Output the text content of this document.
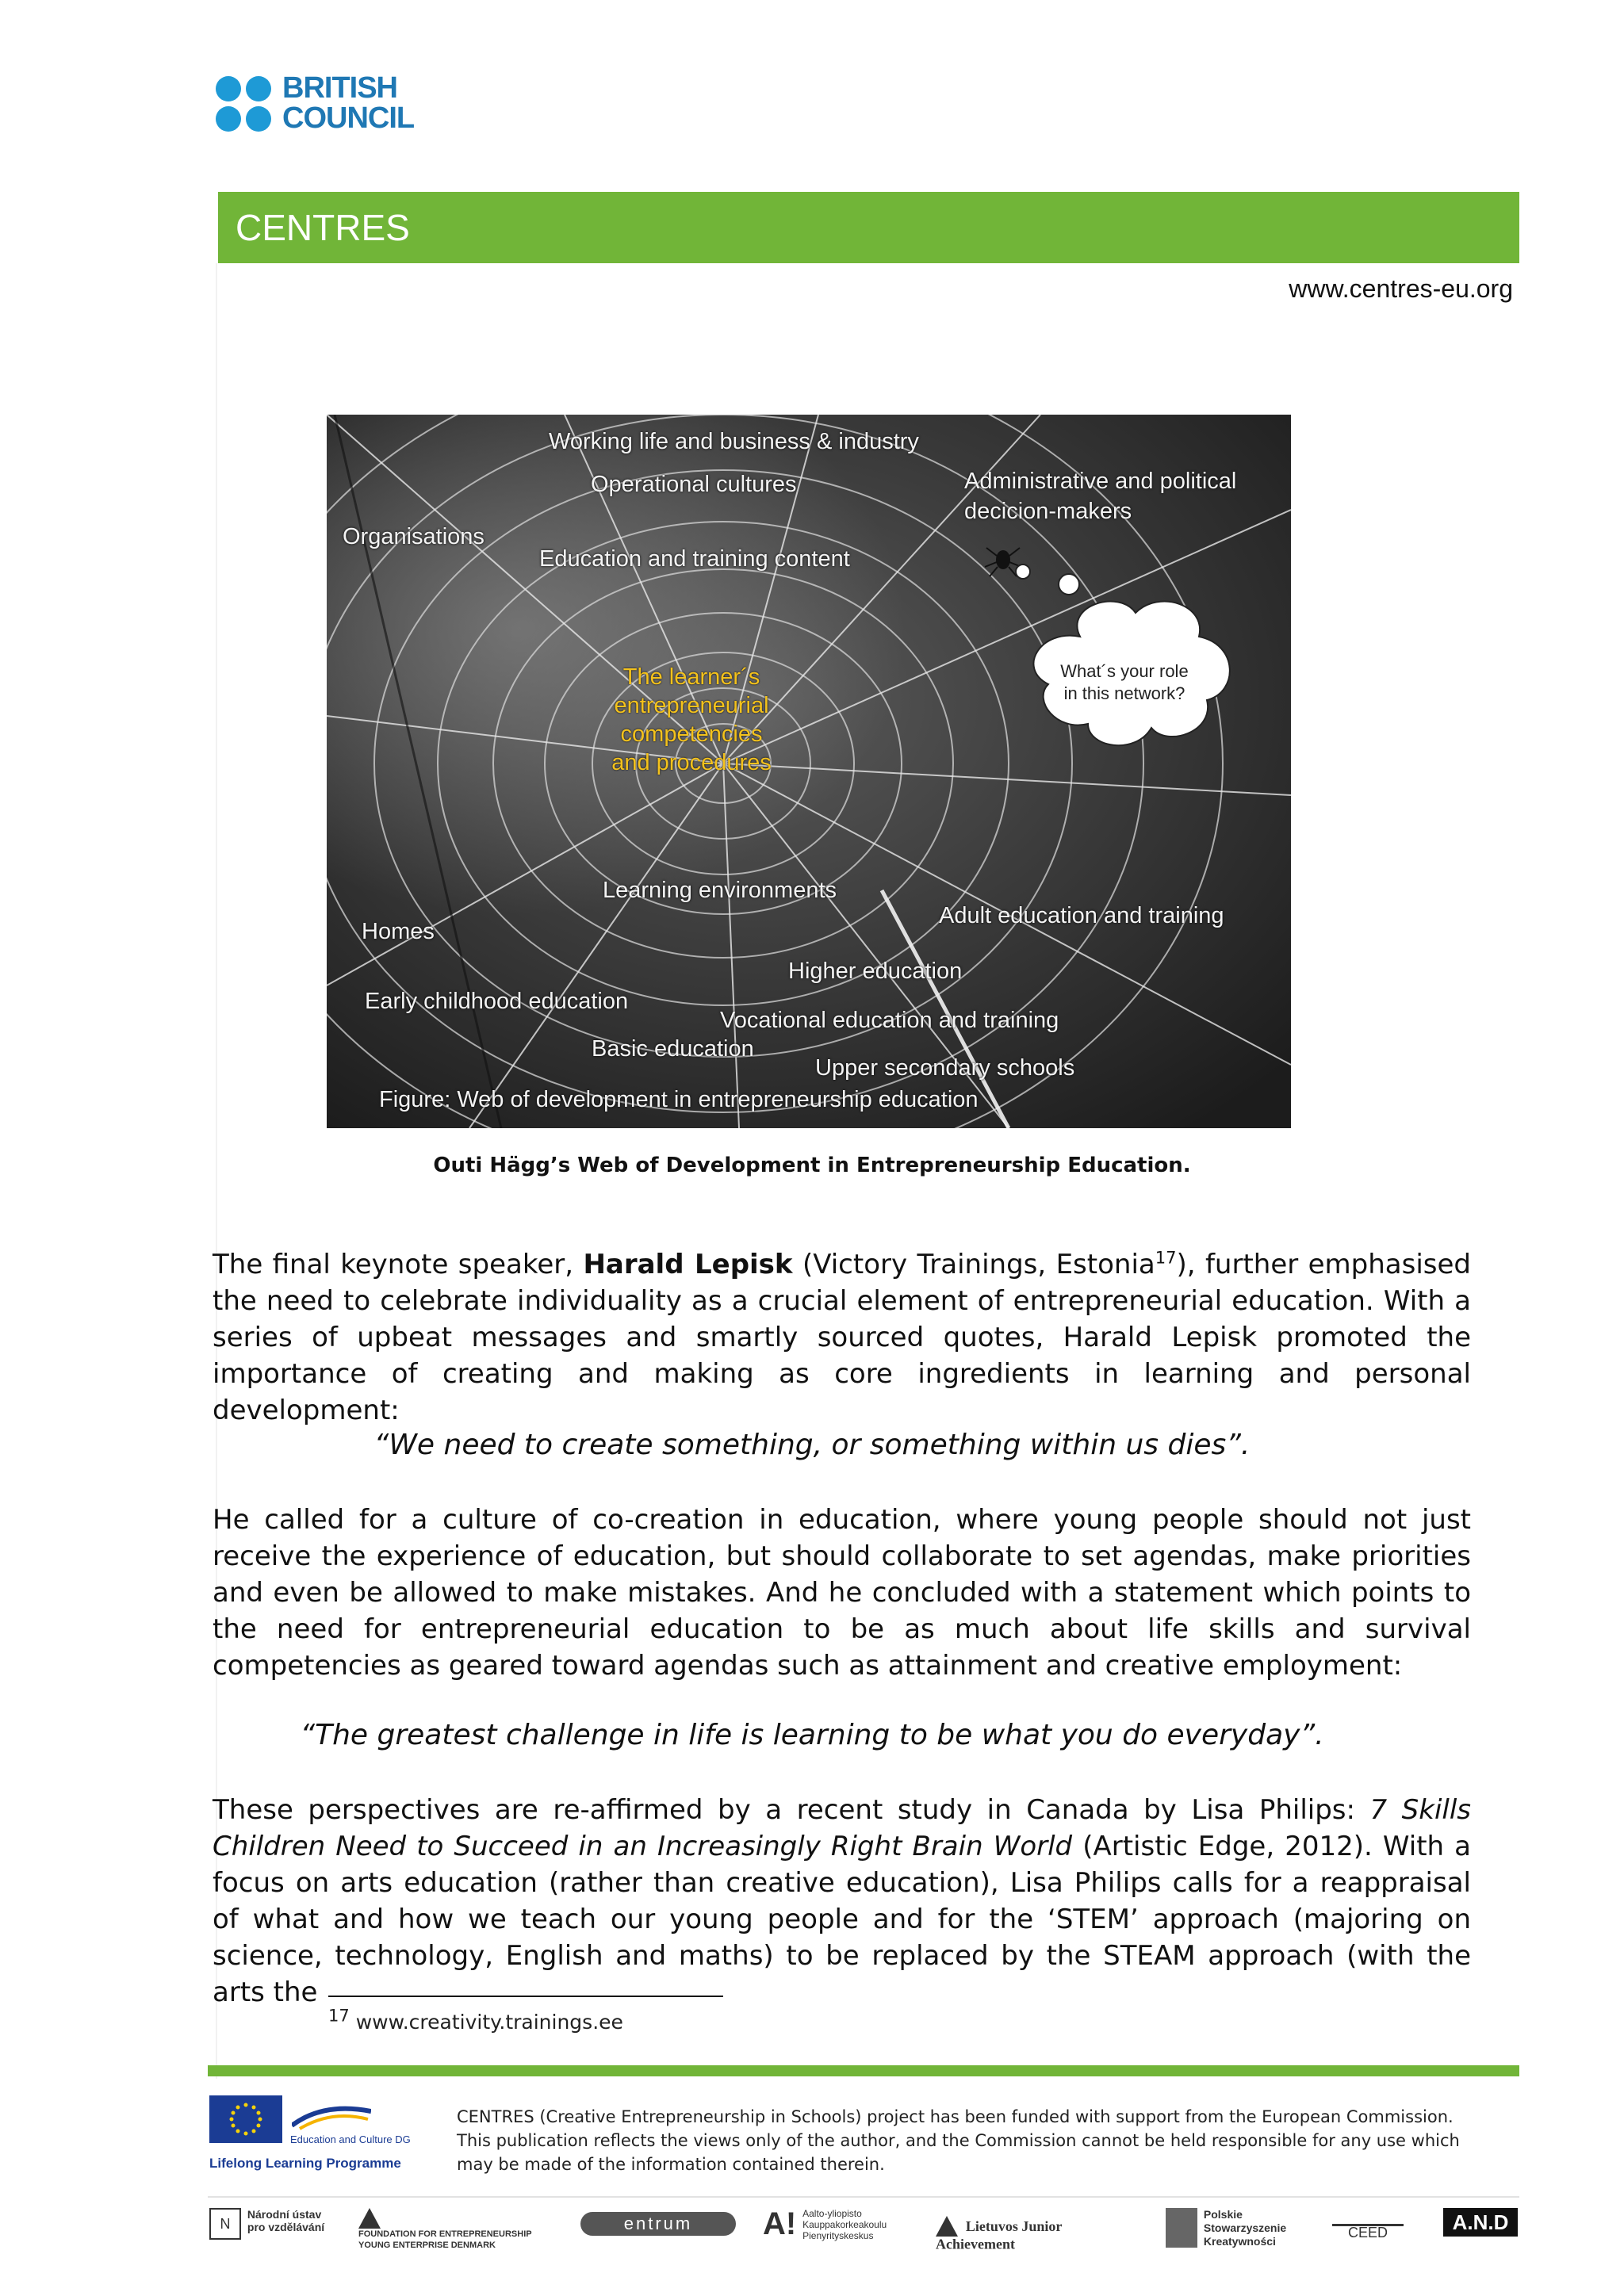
BRITISH
COUNCIL
CENTRES
www.centres-eu.org
Working life and business & industry
Operational cultures	Administrative and political
decicion-makers
Organisations
Education and training content
The learner´s
entrepreneurial
competencies
and procedures
What´s your role
in this network?
Learning environments
Homes
Adult education and training
Higher education
Early childhood education
Vocational education and training
Basic education
Upper secondary schools
Figure: Web of development in entrepreneurship education
Outi Hägg’s Web of Development in Entrepreneurship Education.

The final keynote speaker, Harald Lepisk (Victory Trainings, Estonia$^{17}$), further emphasised the need to celebrate individuality as a crucial element of entrepreneurial education. With a series of upbeat messages and smartly sourced quotes, Harald Lepisk promoted the importance of creating and making as core ingredients in learning and personal development:

“We need to create something, or something within us dies”.

He called for a culture of co-creation in education, where young people should not just receive the experience of education, but should collaborate to set agendas, make priorities and even be allowed to make mistakes. And he concluded with a statement which points to the need for entrepreneurial education to be as much about life skills and survival competencies as geared toward agendas such as attainment and creative employment:

“The greatest challenge in life is learning to be what you do everyday”.

These perspectives are re-affirmed by a recent study in Canada by Lisa Philips: 7 Skills Children Need to Succeed in an Increasingly Right Brain World (Artistic Edge, 2012). With a focus on arts education (rather than creative education), Lisa Philips calls for a reappraisal of what and how we teach our young people and for the ‘STEM’ approach (majoring on science, technology, English and maths) to be replaced by the STEAM approach (with the arts the

$^{17}$ www.creativity.trainings.ee
Education and Culture DG
Lifelong Learning Programme
CENTRES (Creative Entrepreneurship in Schools) project has been funded with support from the European Commission. This publication reflects the views only of the author, and the Commission cannot be held responsible for any use which may be made of the information contained therein.
N
Národní ústav
pro vzdělávání

FOUNDATION FOR ENTREPRENEURSHIP
YOUNG ENTERPRISE DENMARK
entrum	A! Aalto-yliopisto
Kauppakorkeakoulu
Pienyrityskeskus
Lietuvos Junior Achievement

Polskie
Stowarzyszenie
Kreatywności
CEED	A.N.D
